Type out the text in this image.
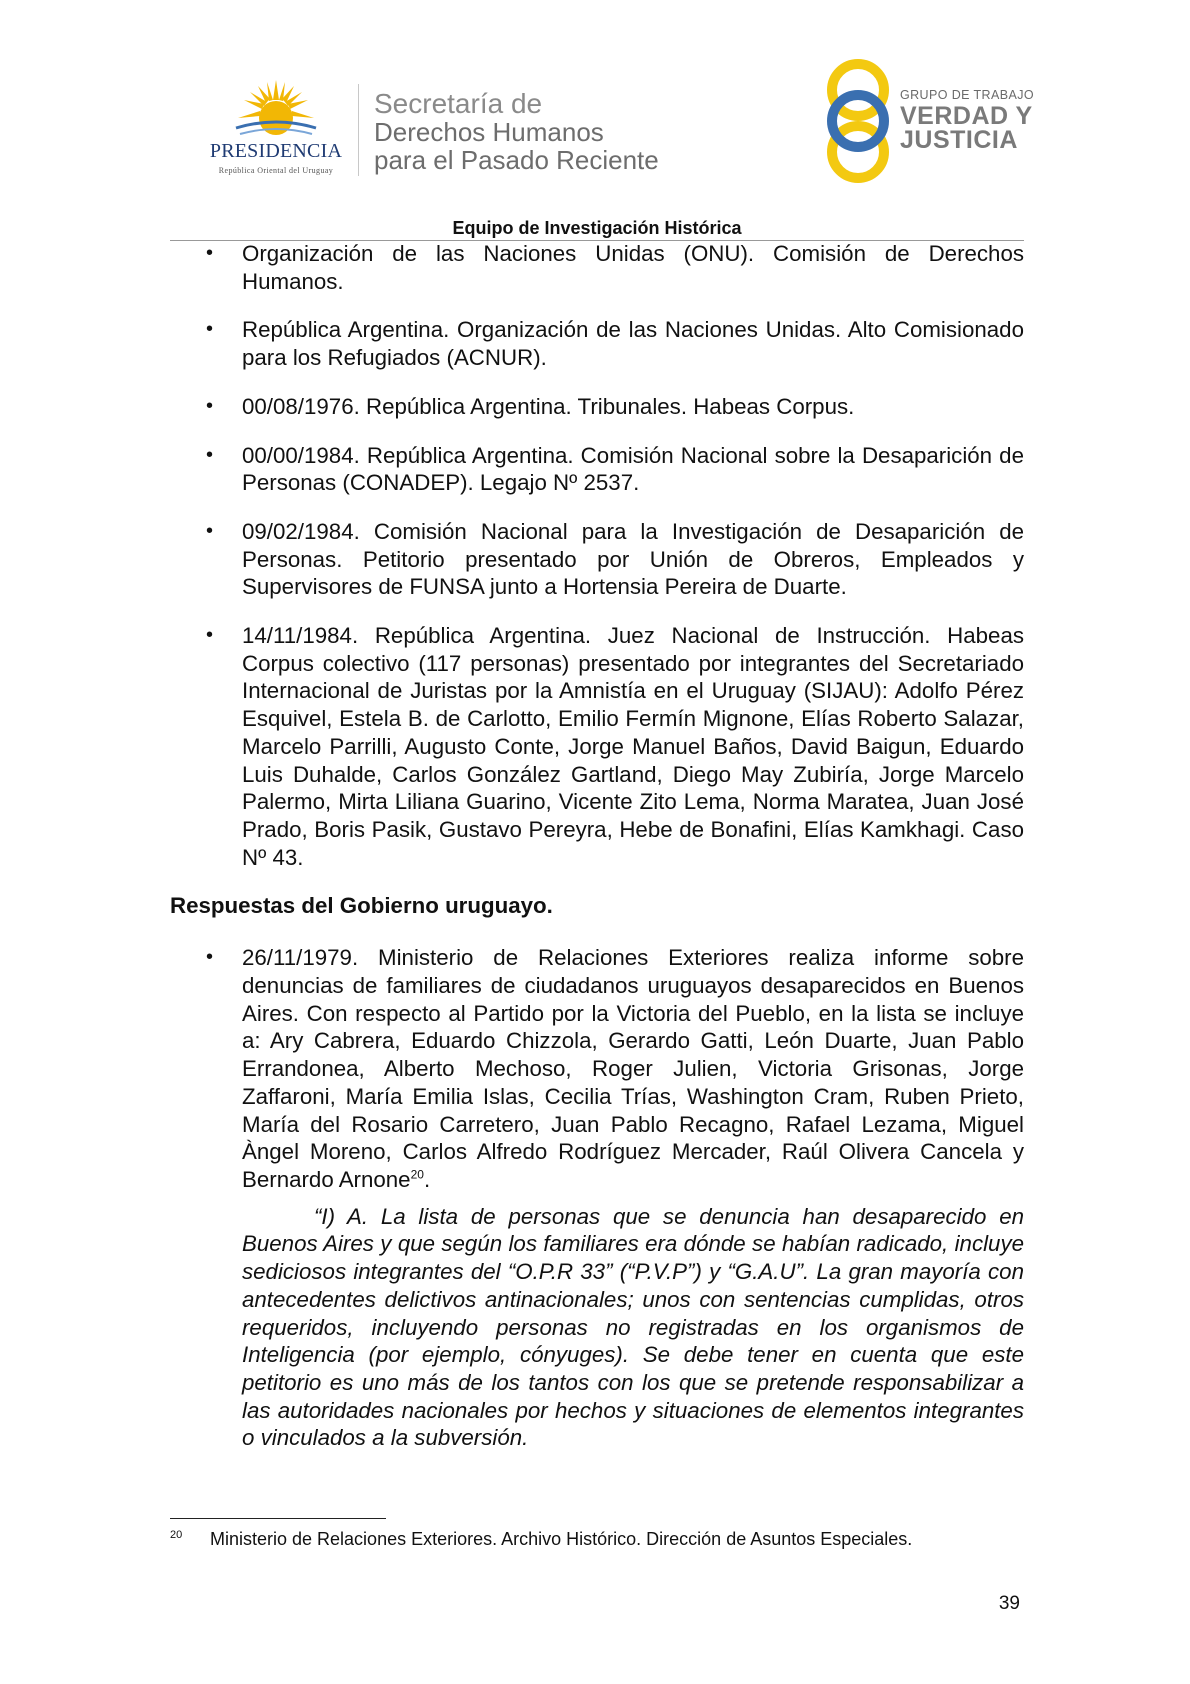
PRESIDENCIA
República Oriental del Uruguay
Secretaría de
Derechos Humanos
para el Pasado Reciente
GRUPO DE TRABAJO
VERDAD Y
JUSTICIA
Equipo de Investigación Histórica
• Organización de las Naciones Unidas (ONU). Comisión de Derechos Humanos.
• República Argentina. Organización de las Naciones Unidas. Alto Comisionado para los Refugiados (ACNUR).
• 00/08/1976. República Argentina. Tribunales. Habeas Corpus.
• 00/00/1984. República Argentina. Comisión Nacional sobre la Desaparición de Personas (CONADEP). Legajo Nº 2537.
• 09/02/1984. Comisión Nacional para la Investigación de Desaparición de Personas. Petitorio presentado por Unión de Obreros, Empleados y Supervisores de FUNSA junto a Hortensia Pereira de Duarte.
• 14/11/1984. República Argentina. Juez Nacional de Instrucción. Habeas Corpus colectivo (117 personas) presentado por integrantes del Secretariado Internacional de Juristas por la Amnistía en el Uruguay (SIJAU): Adolfo Pérez Esquivel, Estela B. de Carlotto, Emilio Fermín Mignone, Elías Roberto Salazar, Marcelo Parrilli, Augusto Conte, Jorge Manuel Baños, David Baigun, Eduardo Luis Duhalde, Carlos González Gartland, Diego May Zubiría, Jorge Marcelo Palermo, Mirta Liliana Guarino, Vicente Zito Lema, Norma Maratea, Juan José Prado, Boris Pasik, Gustavo Pereyra, Hebe de Bonafini, Elías Kamkhagi. Caso Nº 43.
Respuestas del Gobierno uruguayo.
• 26/11/1979. Ministerio de Relaciones Exteriores realiza informe sobre denuncias de familiares de ciudadanos uruguayos desaparecidos en Buenos Aires. Con respecto al Partido por la Victoria del Pueblo, en la lista se incluye a: Ary Cabrera, Eduardo Chizzola, Gerardo Gatti, León Duarte, Juan Pablo Errandonea, Alberto Mechoso, Roger Julien, Victoria Grisonas, Jorge Zaffaroni, María Emilia Islas, Cecilia Trías, Washington Cram, Ruben Prieto, María del Rosario Carretero, Juan Pablo Recagno, Rafael Lezama, Miguel Àngel Moreno, Carlos Alfredo Rodríguez Mercader, Raúl Olivera Cancela y Bernardo Arnone$^{20}$.
“I) A. La lista de personas que se denuncia han desaparecido en Buenos Aires y que según los familiares era dónde se habían radicado, incluye sediciosos integrantes del “O.P.R 33” (“P.V.P”) y “G.A.U”. La gran mayoría con antecedentes delictivos antinacionales; unos con sentencias cumplidas, otros requeridos, incluyendo personas no registradas en los organismos de Inteligencia (por ejemplo, cónyuges). Se debe tener en cuenta que este petitorio es uno más de los tantos con los que se pretende responsabilizar a las autoridades nacionales por hechos y situaciones de elementos integrantes o vinculados a la subversión.
20 Ministerio de Relaciones Exteriores. Archivo Histórico. Dirección de Asuntos Especiales.
39
